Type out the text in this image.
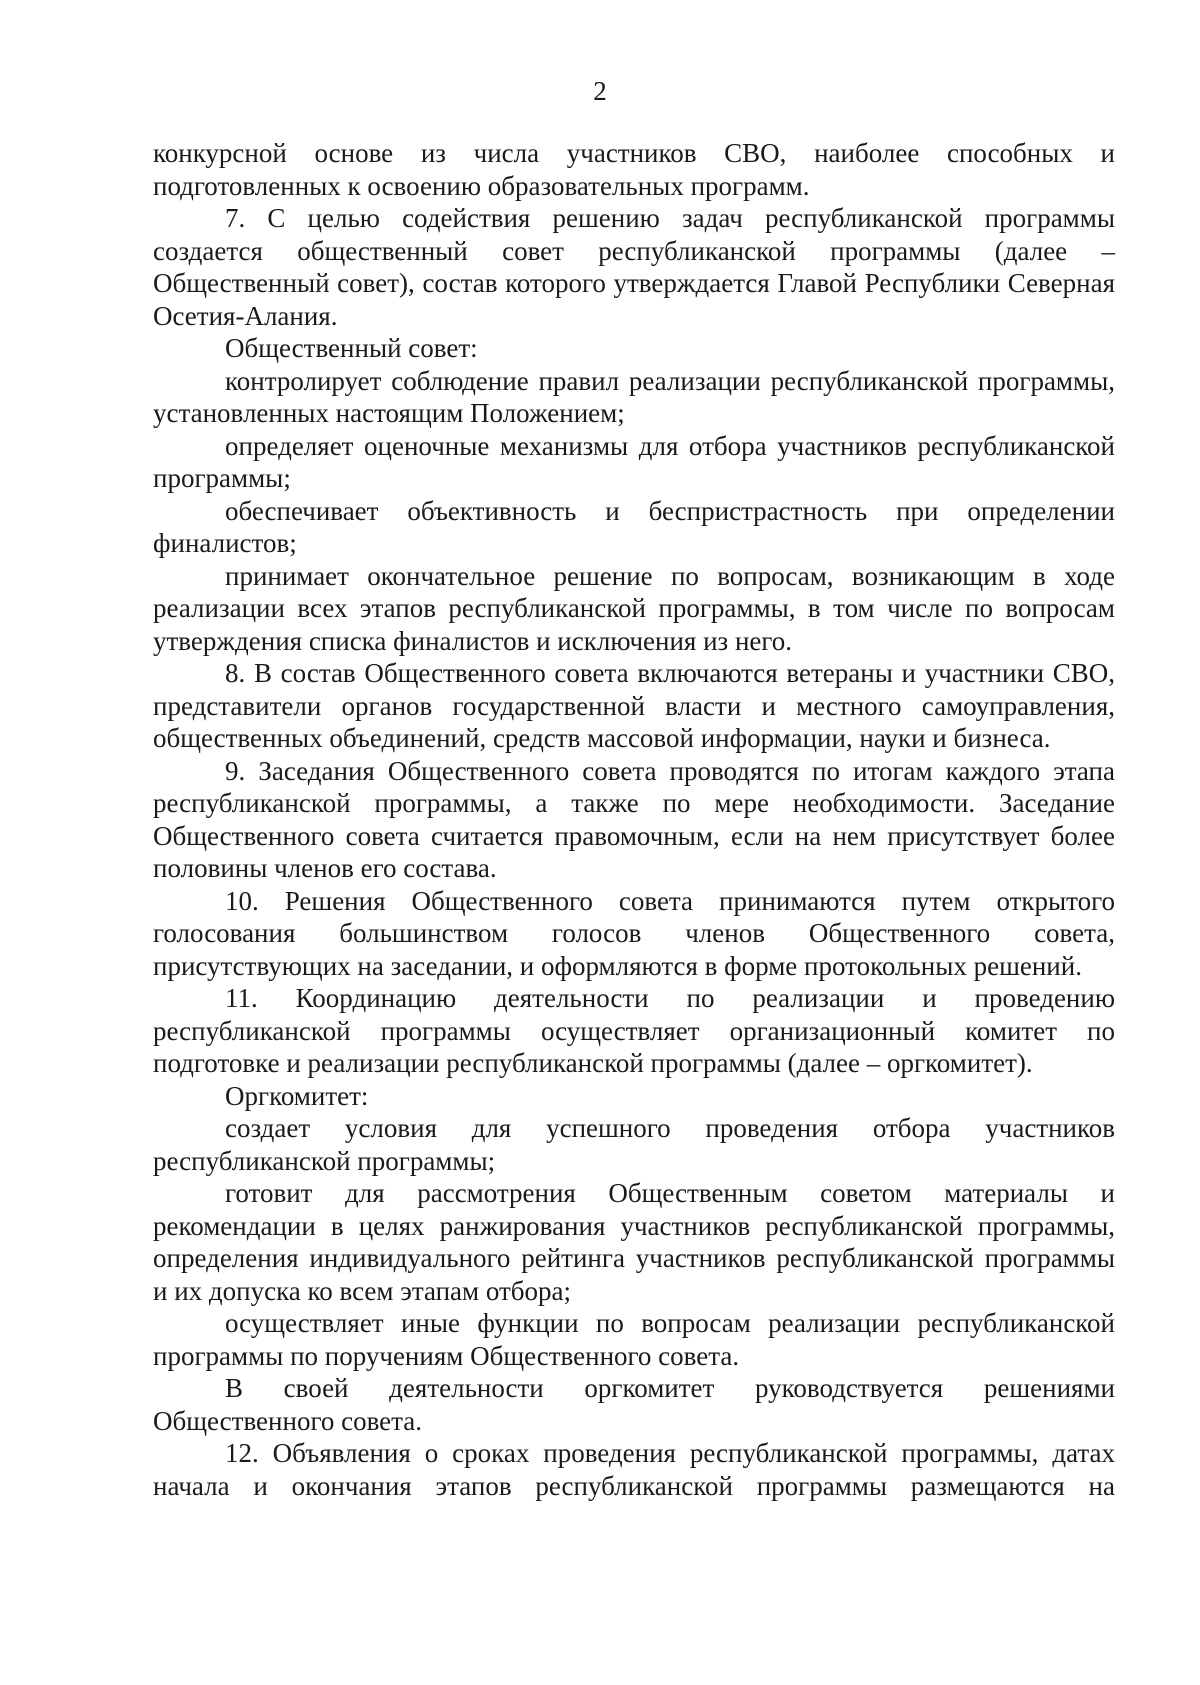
2

конкурсной основе из числа участников СВО, наиболее способных и подготовленных к освоению образовательных программ.

7. С целью содействия решению задач республиканской программы создается общественный совет республиканской программы (далее – Общественный совет), состав которого утверждается Главой Республики Северная Осетия-Алания.

Общественный совет:

контролирует соблюдение правил реализации республиканской программы, установленных настоящим Положением;

определяет оценочные механизмы для отбора участников республиканской программы;

обеспечивает объективность и беспристрастность при определении финалистов;

принимает окончательное решение по вопросам, возникающим в ходе реализации всех этапов республиканской программы, в том числе по вопросам утверждения списка финалистов и исключения из него.

8. В состав Общественного совета включаются ветераны и участники СВО, представители органов государственной власти и местного самоуправления, общественных объединений, средств массовой информации, науки и бизнеса.

9. Заседания Общественного совета проводятся по итогам каждого этапа республиканской программы, а также по мере необходимости. Заседание Общественного совета считается правомочным, если на нем присутствует более половины членов его состава.

10. Решения Общественного совета принимаются путем открытого голосования большинством голосов членов Общественного совета, присутствующих на заседании, и оформляются в форме протокольных решений.

11. Координацию деятельности по реализации и проведению республиканской программы осуществляет организационный комитет по подготовке и реализации республиканской программы (далее – оргкомитет).

Оргкомитет:

создает условия для успешного проведения отбора участников республиканской программы;

готовит для рассмотрения Общественным советом материалы и рекомендации в целях ранжирования участников республиканской программы, определения индивидуального рейтинга участников республиканской программы и их допуска ко всем этапам отбора;

осуществляет иные функции по вопросам реализации республиканской программы по поручениям Общественного совета.

В своей деятельности оргкомитет руководствуется решениями Общественного совета.

12. Объявления о сроках проведения республиканской программы, датах начала и окончания этапов республиканской программы размещаются на
